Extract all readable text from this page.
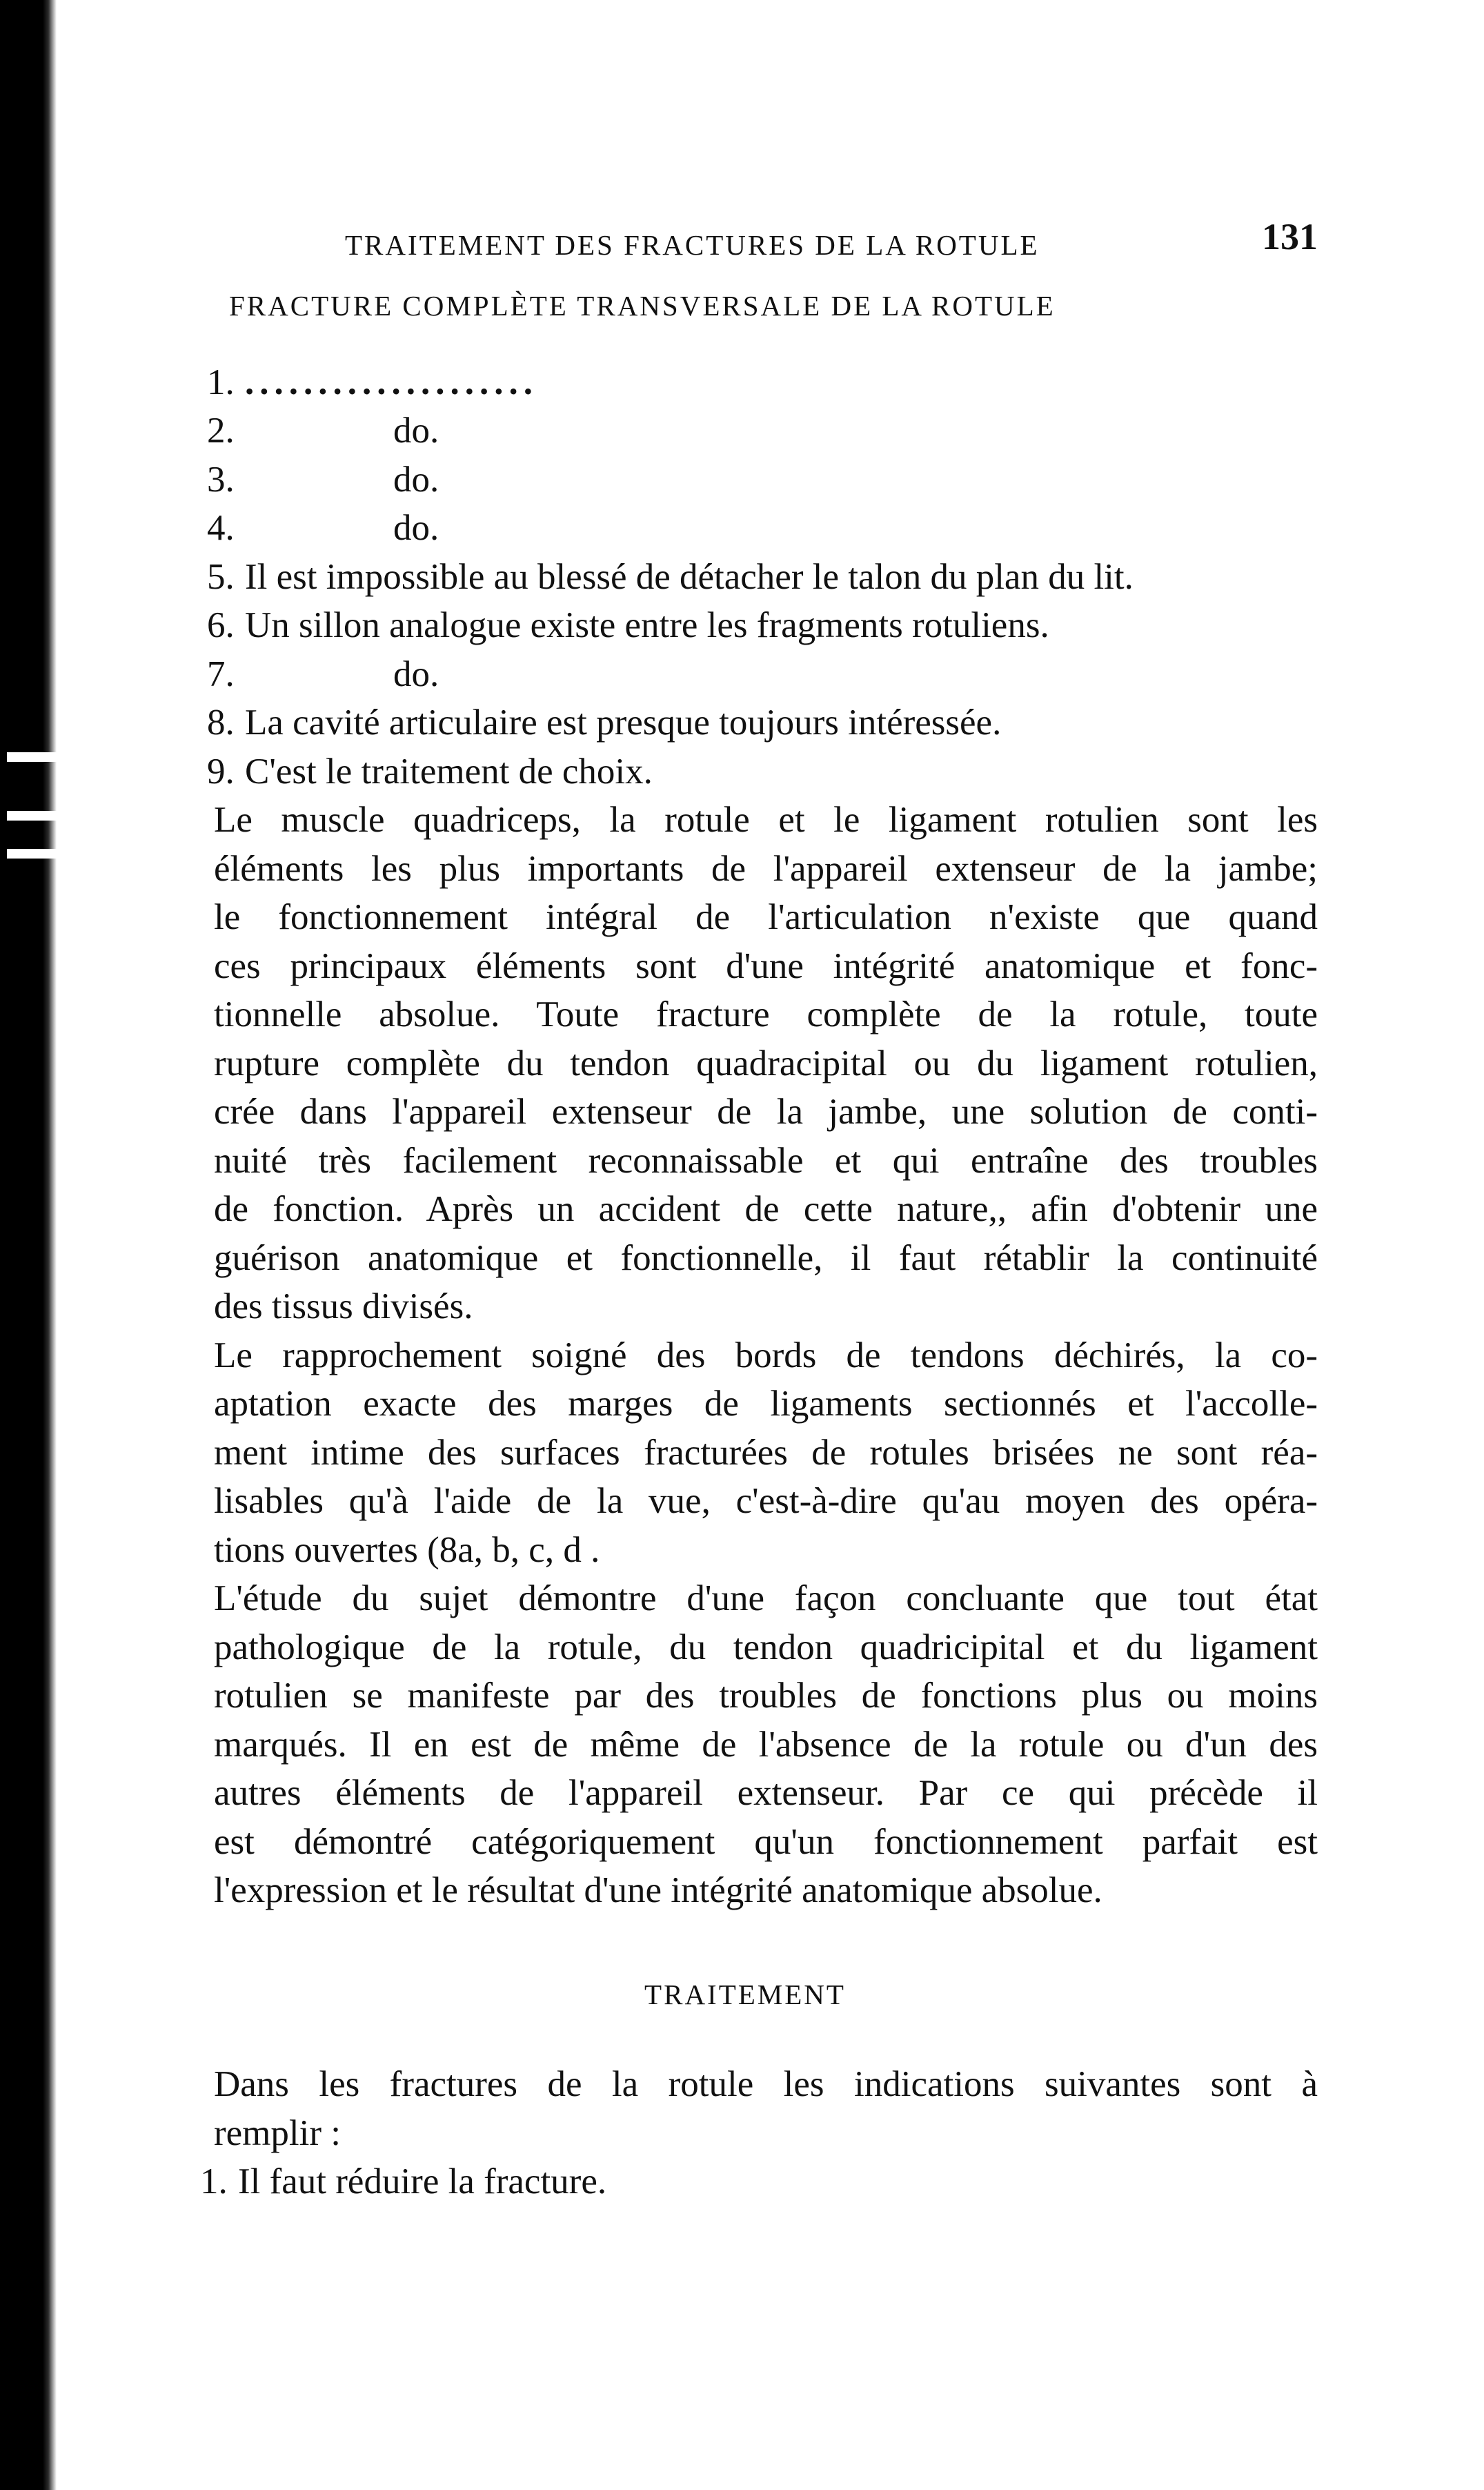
TRAITEMENT DES FRACTURES DE LA ROTULE	131
FRACTURE COMPLÈTE TRANSVERSALE DE LA ROTULE
1. ....................
2.	do.
3.	do.
4.	do.
5. Il est impossible au blessé de détacher le talon du plan du lit.
6. Un sillon analogue existe entre les fragments rotuliens.
7.	do.
8. La cavité articulaire est presque toujours intéressée.
9. C'est le traitement de choix.
Le muscle quadriceps, la rotule et le ligament rotulien sont les
éléments les plus importants de l'appareil extenseur de la jambe;
le fonctionnement intégral de l'articulation n'existe que quand
ces principaux éléments sont d'une intégrité anatomique et fonc-
tionnelle absolue. Toute fracture complète de la rotule, toute
rupture complète du tendon quadracipital ou du ligament rotulien,
crée dans l'appareil extenseur de la jambe, une solution de conti-
nuité très facilement reconnaissable et qui entraîne des troubles
de fonction. Après un accident de cette nature,, afin d'obtenir une
guérison anatomique et fonctionnelle, il faut rétablir la continuité
des tissus divisés.
Le rapprochement soigné des bords de tendons déchirés, la co-
aptation exacte des marges de ligaments sectionnés et l'accolle-
ment intime des surfaces fracturées de rotules brisées ne sont réa-
lisables qu'à l'aide de la vue, c'est-à-dire qu'au moyen des opéra-
tions ouvertes (8a, b, c, d .
L'étude du sujet démontre d'une façon concluante que tout état
pathologique de la rotule, du tendon quadricipital et du ligament
rotulien se manifeste par des troubles de fonctions plus ou moins
marqués. Il en est de même de l'absence de la rotule ou d'un des
autres éléments de l'appareil extenseur. Par ce qui précède il
est démontré catégoriquement qu'un fonctionnement parfait est
l'expression et le résultat d'une intégrité anatomique absolue.
TRAITEMENT
Dans les fractures de la rotule les indications suivantes sont à
remplir :
1. Il faut réduire la fracture.
